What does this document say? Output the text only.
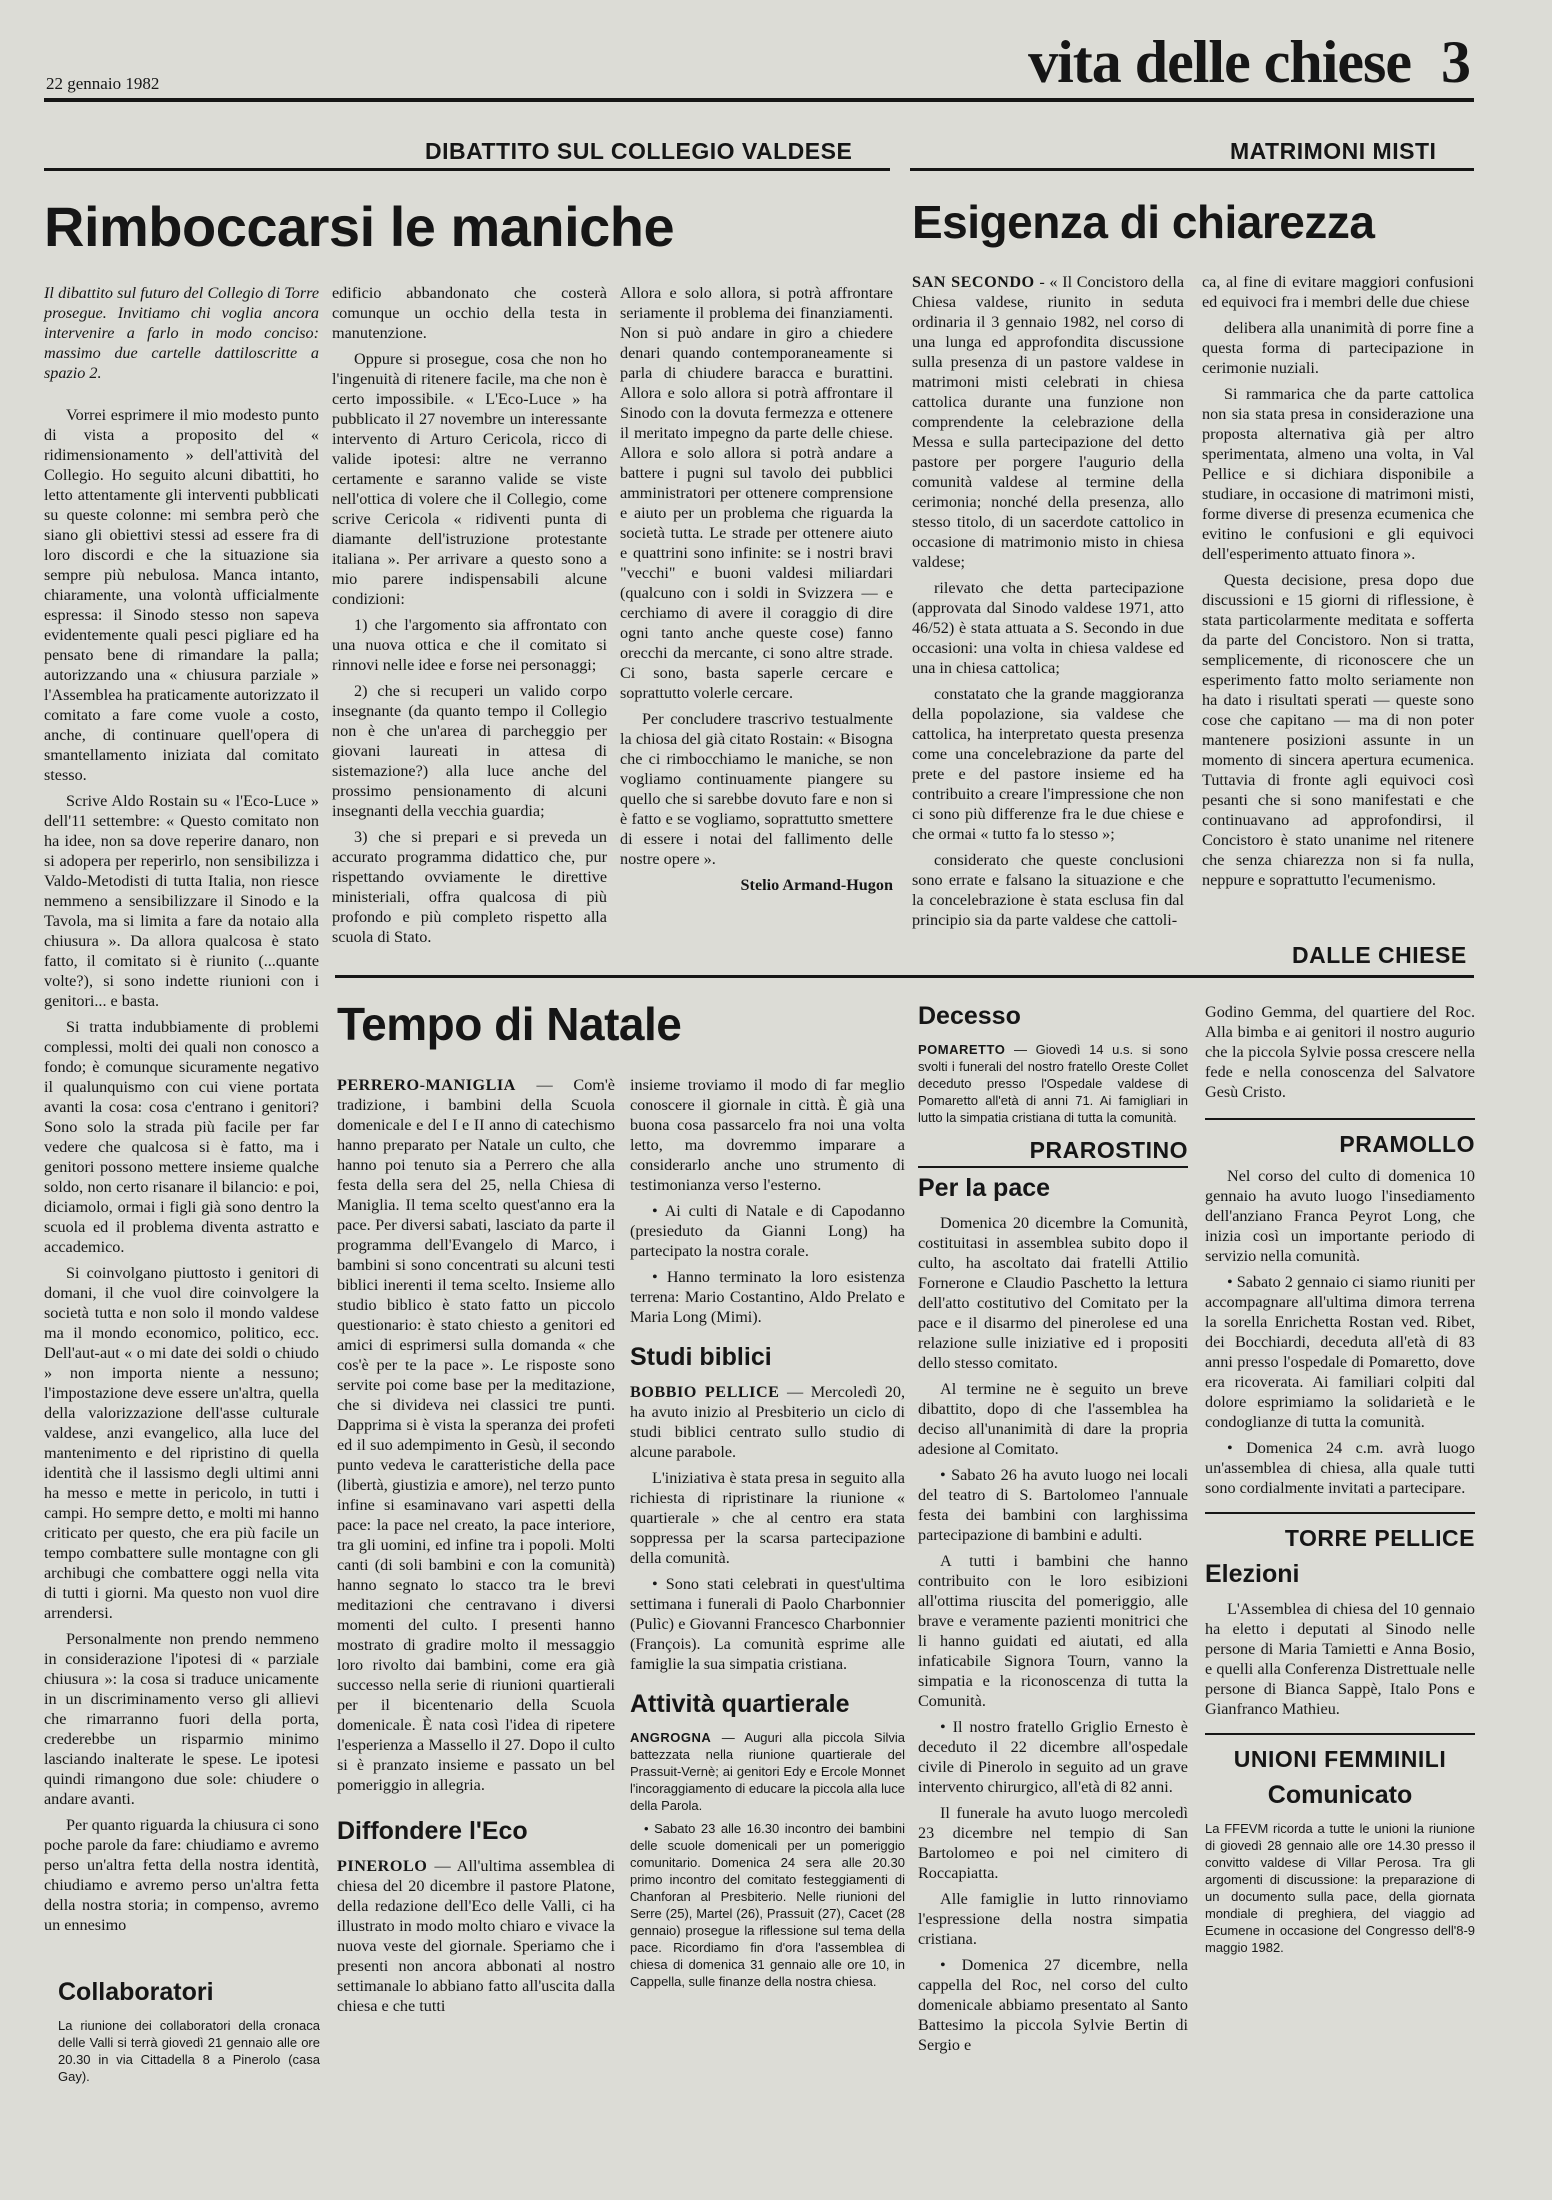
22 gennaio 1982	vita delle chiese 3
DIBATTITO SUL COLLEGIO VALDESE
Rimboccarsi le maniche

Il dibattito sul futuro del Collegio di Torre prosegue. Invitiamo chi voglia ancora intervenire a farlo in modo conciso: massimo due cartelle dattiloscritte a spazio 2.

Vorrei esprimere il mio modesto punto di vista a proposito del « ridimensionamento » dell'attività del Collegio. Ho seguito alcuni dibattiti, ho letto attentamente gli interventi pubblicati su queste colonne: mi sembra però che siano gli obiettivi stessi ad essere fra di loro discordi e che la situazione sia sempre più nebulosa. Manca intanto, chiaramente, una volontà ufficialmente espressa: il Sinodo stesso non sapeva evidentemente quali pesci pigliare ed ha pensato bene di rimandare la palla; autorizzando una « chiusura parziale » l'Assemblea ha praticamente autorizzato il comitato a fare come vuole a costo, anche, di continuare quell'opera di smantellamento iniziata dal comitato stesso.

Scrive Aldo Rostain su « l'Eco-Luce » dell'11 settembre: « Questo comitato non ha idee, non sa dove reperire danaro, non si adopera per reperirlo, non sensibilizza i Valdo-Metodisti di tutta Italia, non riesce nemmeno a sensibilizzare il Sinodo e la Tavola, ma si limita a fare da notaio alla chiusura ». Da allora qualcosa è stato fatto, il comitato si è riunito (...quante volte?), si sono indette riunioni con i genitori... e basta.

Si tratta indubbiamente di problemi complessi, molti dei quali non conosco a fondo; è comunque sicuramente negativo il qualunquismo con cui viene portata avanti la cosa: cosa c'entrano i genitori? Sono solo la strada più facile per far vedere che qualcosa si è fatto, ma i genitori possono mettere insieme qualche soldo, non certo risanare il bilancio: e poi, diciamolo, ormai i figli già sono dentro la scuola ed il problema diventa astratto e accademico.

Si coinvolgano piuttosto i genitori di domani, il che vuol dire coinvolgere la società tutta e non solo il mondo valdese ma il mondo economico, politico, ecc. Dell'aut-aut « o mi date dei soldi o chiudo » non importa niente a nessuno; l'impostazione deve essere un'altra, quella della valorizzazione dell'asse culturale valdese, anzi evangelico, alla luce del mantenimento e del ripristino di quella identità che il lassismo degli ultimi anni ha messo e mette in pericolo, in tutti i campi. Ho sempre detto, e molti mi hanno criticato per questo, che era più facile un tempo combattere sulle montagne con gli archibugi che combattere oggi nella vita di tutti i giorni. Ma questo non vuol dire arrendersi.

Personalmente non prendo nemmeno in considerazione l'ipotesi di « parziale chiusura »: la cosa si traduce unicamente in un discriminamento verso gli allievi che rimarranno fuori della porta, crederebbe un risparmio minimo lasciando inalterate le spese. Le ipotesi quindi rimangono due sole: chiudere o andare avanti.

Per quanto riguarda la chiusura ci sono poche parole da fare: chiudiamo e avremo perso un'altra fetta della nostra identità, chiudiamo e avremo perso un'altra fetta della nostra storia; in compenso, avremo un ennesimo

edificio abbandonato che costerà comunque un occhio della testa in manutenzione.

Oppure si prosegue, cosa che non ho l'ingenuità di ritenere facile, ma che non è certo impossibile. « L'Eco-Luce » ha pubblicato il 27 novembre un interessante intervento di Arturo Cericola, ricco di valide ipotesi: altre ne verranno certamente e saranno valide se viste nell'ottica di volere che il Collegio, come scrive Cericola « ridiventi punta di diamante dell'istruzione protestante italiana ». Per arrivare a questo sono a mio parere indispensabili alcune condizioni:

1) che l'argomento sia affrontato con una nuova ottica e che il comitato si rinnovi nelle idee e forse nei personaggi;

2) che si recuperi un valido corpo insegnante (da quanto tempo il Collegio non è che un'area di parcheggio per giovani laureati in attesa di sistemazione?) alla luce anche del prossimo pensionamento di alcuni insegnanti della vecchia guardia;

3) che si prepari e si preveda un accurato programma didattico che, pur rispettando ovviamente le direttive ministeriali, offra qualcosa di più profondo e più completo rispetto alla scuola di Stato.

Allora e solo allora, si potrà affrontare seriamente il problema dei finanziamenti. Non si può andare in giro a chiedere denari quando contemporaneamente si parla di chiudere baracca e burattini. Allora e solo allora si potrà affrontare il Sinodo con la dovuta fermezza e ottenere il meritato impegno da parte delle chiese. Allora e solo allora si potrà andare a battere i pugni sul tavolo dei pubblici amministratori per ottenere comprensione e aiuto per un problema che riguarda la società tutta. Le strade per ottenere aiuto e quattrini sono infinite: se i nostri bravi "vecchi" e buoni valdesi miliardari (qualcuno con i soldi in Svizzera — e cerchiamo di avere il coraggio di dire ogni tanto anche queste cose) fanno orecchi da mercante, ci sono altre strade. Ci sono, basta saperle cercare e soprattutto volerle cercare.

Per concludere trascrivo testualmente la chiosa del già citato Rostain: « Bisogna che ci rimbocchiamo le maniche, se non vogliamo continuamente piangere su quello che si sarebbe dovuto fare e non si è fatto e se vogliamo, soprattutto smettere di essere i notai del fallimento delle nostre opere ».

Stelio Armand-Hugon
MATRIMONI MISTI
Esigenza di chiarezza

SAN SECONDO - « Il Concistoro della Chiesa valdese, riunito in seduta ordinaria il 3 gennaio 1982, nel corso di una lunga ed approfondita discussione sulla presenza di un pastore valdese in matrimoni misti celebrati in chiesa cattolica durante una funzione non comprendente la celebrazione della Messa e sulla partecipazione del detto pastore per porgere l'augurio della comunità valdese al termine della cerimonia; nonché della presenza, allo stesso titolo, di un sacerdote cattolico in occasione di matrimonio misto in chiesa valdese;

rilevato che detta partecipazione (approvata dal Sinodo valdese 1971, atto 46/52) è stata attuata a S. Secondo in due occasioni: una volta in chiesa valdese ed una in chiesa cattolica;

constatato che la grande maggioranza della popolazione, sia valdese che cattolica, ha interpretato questa presenza come una concelebrazione da parte del prete e del pastore insieme ed ha contribuito a creare l'impressione che non ci sono più differenze fra le due chiese e che ormai « tutto fa lo stesso »;

considerato che queste conclusioni sono errate e falsano la situazione e che la concelebrazione è stata esclusa fin dal principio sia da parte valdese che cattoli-

ca, al fine di evitare maggiori confusioni ed equivoci fra i membri delle due chiese

delibera alla unanimità di porre fine a questa forma di partecipazione in cerimonie nuziali.

Si rammarica che da parte cattolica non sia stata presa in considerazione una proposta alternativa già per altro sperimentata, almeno una volta, in Val Pellice e si dichiara disponibile a studiare, in occasione di matrimoni misti, forme diverse di presenza ecumenica che evitino le confusioni e gli equivoci dell'esperimento attuato finora ».

Questa decisione, presa dopo due discussioni e 15 giorni di riflessione, è stata particolarmente meditata e sofferta da parte del Concistoro. Non si tratta, semplicemente, di riconoscere che un esperimento fatto molto seriamente non ha dato i risultati sperati — queste sono cose che capitano — ma di non poter mantenere posizioni assunte in un momento di sincera apertura ecumenica. Tuttavia di fronte agli equivoci così pesanti che si sono manifestati e che continuavano ad approfondirsi, il Concistoro è stato unanime nel ritenere che senza chiarezza non si fa nulla, neppure e soprattutto l'ecumenismo.

DALLE CHIESE
Tempo di Natale

PERRERO-MANIGLIA — Com'è tradizione, i bambini della Scuola domenicale e del I e II anno di catechismo hanno preparato per Natale un culto, che hanno poi tenuto sia a Perrero che alla festa della sera del 25, nella Chiesa di Maniglia. Il tema scelto quest'anno era la pace. Per diversi sabati, lasciato da parte il programma dell'Evangelo di Marco, i bambini si sono concentrati su alcuni testi biblici inerenti il tema scelto. Insieme allo studio biblico è stato fatto un piccolo questionario: è stato chiesto a genitori ed amici di esprimersi sulla domanda « che cos'è per te la pace ». Le risposte sono servite poi come base per la meditazione, che si divideva nei classici tre punti. Dapprima si è vista la speranza dei profeti ed il suo adempimento in Gesù, il secondo punto vedeva le caratteristiche della pace (libertà, giustizia e amore), nel terzo punto infine si esaminavano vari aspetti della pace: la pace nel creato, la pace interiore, tra gli uomini, ed infine tra i popoli. Molti canti (di soli bambini e con la comunità) hanno segnato lo stacco tra le brevi meditazioni che centravano i diversi momenti del culto. I presenti hanno mostrato di gradire molto il messaggio loro rivolto dai bambini, come era già successo nella serie di riunioni quartierali per il bicentenario della Scuola domenicale. È nata così l'idea di ripetere l'esperienza a Massello il 27. Dopo il culto si è pranzato insieme e passato un bel pomeriggio in allegria.

Diffondere l'Eco

PINEROLO — All'ultima assemblea di chiesa del 20 dicembre il pastore Platone, della redazione dell'Eco delle Valli, ci ha illustrato in modo molto chiaro e vivace la nuova veste del giornale. Speriamo che i presenti non ancora abbonati al nostro settimanale lo abbiano fatto all'uscita dalla chiesa e che tutti

insieme troviamo il modo di far meglio conoscere il giornale in città. È già una buona cosa passarcelo fra noi una volta letto, ma dovremmo imparare a considerarlo anche uno strumento di testimonianza verso l'esterno.

• Ai culti di Natale e di Capodanno (presieduto da Gianni Long) ha partecipato la nostra corale.

• Hanno terminato la loro esistenza terrena: Mario Costantino, Aldo Prelato e Maria Long (Mimi).

Studi biblici

BOBBIO PELLICE — Mercoledì 20, ha avuto inizio al Presbiterio un ciclo di studi biblici centrato sullo studio di alcune parabole.

L'iniziativa è stata presa in seguito alla richiesta di ripristinare la riunione « quartierale » che al centro era stata soppressa per la scarsa partecipazione della comunità.

• Sono stati celebrati in quest'ultima settimana i funerali di Paolo Charbonnier (Pulìc) e Giovanni Francesco Charbonnier (François). La comunità esprime alle famiglie la sua simpatia cristiana.

Attività quartierale

ANGROGNA — Auguri alla piccola Silvia battezzata nella riunione quartierale del Prassuit-Vernè; ai genitori Edy e Ercole Monnet l'incoraggiamento di educare la piccola alla luce della Parola.

• Sabato 23 alle 16.30 incontro dei bambini delle scuole domenicali per un pomeriggio comunitario. Domenica 24 sera alle 20.30 primo incontro del comitato festeggiamenti di Chanforan al Presbiterio. Nelle riunioni del Serre (25), Martel (26), Prassuit (27), Cacet (28 gennaio) prosegue la riflessione sul tema della pace. Ricordiamo fin d'ora l'assemblea di chiesa di domenica 31 gennaio alle ore 10, in Cappella, sulle finanze della nostra chiesa.

Collaboratori

La riunione dei collaboratori della cronaca delle Valli si terrà giovedì 21 gennaio alle ore 20.30 in via Cittadella 8 a Pinerolo (casa Gay).

Decesso

POMARETTO — Giovedì 14 u.s. si sono svolti i funerali del nostro fratello Oreste Collet deceduto presso l'Ospedale valdese di Pomaretto all'età di anni 71. Ai famigliari in lutto la simpatia cristiana di tutta la comunità.

PRAROSTINO
Per la pace

Domenica 20 dicembre la Comunità, costituitasi in assemblea subito dopo il culto, ha ascoltato dai fratelli Attilio Fornerone e Claudio Paschetto la lettura dell'atto costitutivo del Comitato per la pace e il disarmo del pinerolese ed una relazione sulle iniziative ed i propositi dello stesso comitato.

Al termine ne è seguito un breve dibattito, dopo di che l'assemblea ha deciso all'unanimità di dare la propria adesione al Comitato.

• Sabato 26 ha avuto luogo nei locali del teatro di S. Bartolomeo l'annuale festa dei bambini con larghissima partecipazione di bambini e adulti.

A tutti i bambini che hanno contribuito con le loro esibizioni all'ottima riuscita del pomeriggio, alle brave e veramente pazienti monitrici che li hanno guidati ed aiutati, ed alla infaticabile Signora Tourn, vanno la simpatia e la riconoscenza di tutta la Comunità.

• Il nostro fratello Griglio Ernesto è deceduto il 22 dicembre all'ospedale civile di Pinerolo in seguito ad un grave intervento chirurgico, all'età di 82 anni.

Il funerale ha avuto luogo mercoledì 23 dicembre nel tempio di San Bartolomeo e poi nel cimitero di Roccapiatta.

Alle famiglie in lutto rinnoviamo l'espressione della nostra simpatia cristiana.

• Domenica 27 dicembre, nella cappella del Roc, nel corso del culto domenicale abbiamo presentato al Santo Battesimo la piccola Sylvie Bertin di Sergio e

Godino Gemma, del quartiere del Roc. Alla bimba e ai genitori il nostro augurio che la piccola Sylvie possa crescere nella fede e nella conoscenza del Salvatore Gesù Cristo.

PRAMOLLO

Nel corso del culto di domenica 10 gennaio ha avuto luogo l'insediamento dell'anziano Franca Peyrot Long, che inizia così un importante periodo di servizio nella comunità.

• Sabato 2 gennaio ci siamo riuniti per accompagnare all'ultima dimora terrena la sorella Enrichetta Rostan ved. Ribet, dei Bocchiardi, deceduta all'età di 83 anni presso l'ospedale di Pomaretto, dove era ricoverata. Ai familiari colpiti dal dolore esprimiamo la solidarietà e le condoglianze di tutta la comunità.

• Domenica 24 c.m. avrà luogo un'assemblea di chiesa, alla quale tutti sono cordialmente invitati a partecipare.

TORRE PELLICE
Elezioni

L'Assemblea di chiesa del 10 gennaio ha eletto i deputati al Sinodo nelle persone di Maria Tamietti e Anna Bosio, e quelli alla Conferenza Distrettuale nelle persone di Bianca Sappè, Italo Pons e Gianfranco Mathieu.

UNIONI FEMMINILI
Comunicato

La FFEVM ricorda a tutte le unioni la riunione di giovedì 28 gennaio alle ore 14.30 presso il convitto valdese di Villar Perosa. Tra gli argomenti di discussione: la preparazione di un documento sulla pace, della giornata mondiale di preghiera, del viaggio ad Ecumene in occasione del Congresso dell'8-9 maggio 1982.
